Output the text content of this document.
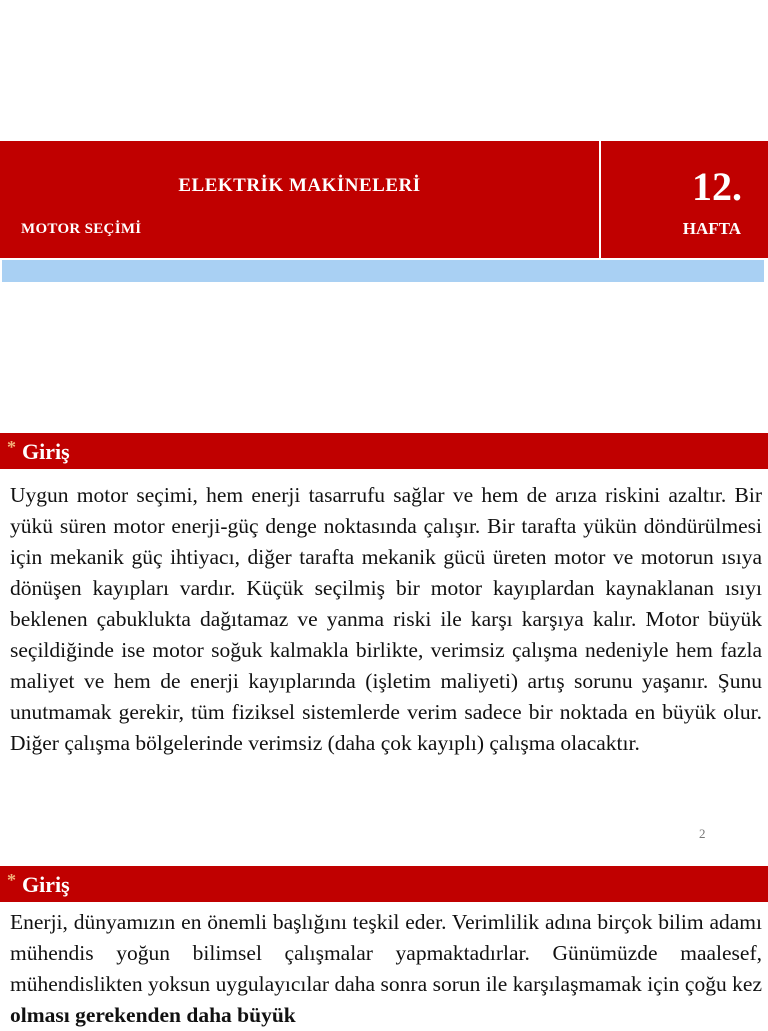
ELEKTRİK MAKİNELERİ
MOTOR SEÇİMİ
12.
HAFTA
* Giriş

Uygun motor seçimi, hem enerji tasarrufu sağlar ve hem de arıza riskini azaltır. Bir yükü süren motor enerji-güç denge noktasında çalışır. Bir tarafta yükün döndürülmesi için mekanik güç ihtiyacı, diğer tarafta mekanik gücü üreten motor ve motorun ısıya dönüşen kayıpları vardır. Küçük seçilmiş bir motor kayıplardan kaynaklanan ısıyı beklenen çabuklukta dağıtamaz ve yanma riski ile karşı karşıya kalır. Motor büyük seçildiğinde ise motor soğuk kalmakla birlikte, verimsiz çalışma nedeniyle hem fazla maliyet ve hem de enerji kayıplarında (işletim maliyeti) artış sorunu yaşanır. Şunu unutmamak gerekir, tüm fiziksel sistemlerde verim sadece bir noktada en büyük olur. Diğer çalışma bölgelerinde verimsiz (daha çok kayıplı) çalışma olacaktır.

2
* Giriş

Enerji, dünyamızın en önemli başlığını teşkil eder. Verimlilik adına birçok bilim adamı mühendis yoğun bilimsel çalışmalar yapmaktadırlar. Günümüzde maalesef, mühendislikten yoksun uygulayıcılar daha sonra sorun ile karşılaşmamak için çoğu kez olması gerekenden daha büyük
